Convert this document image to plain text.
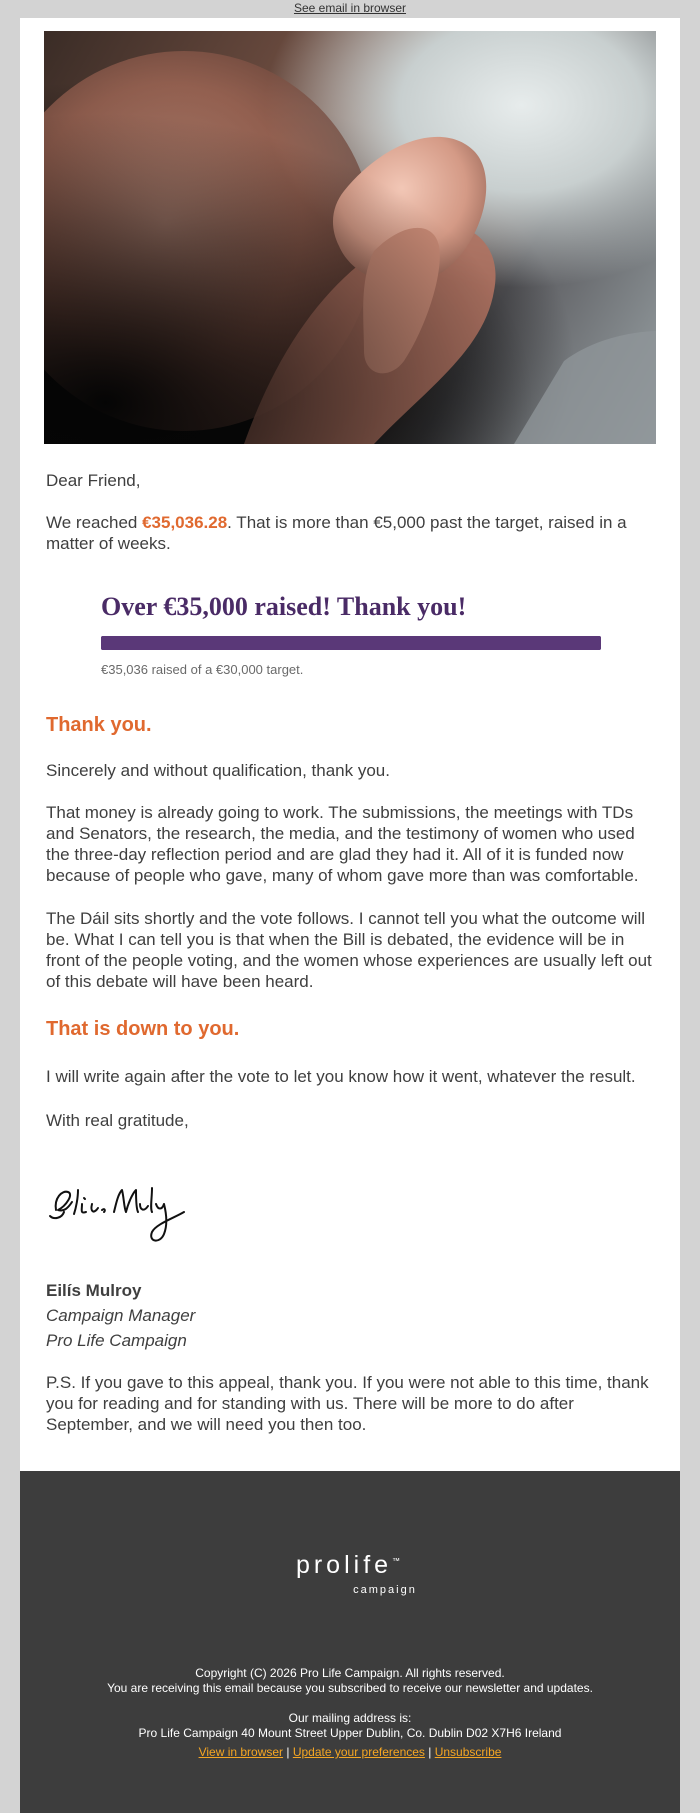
See email in browser
Dear Friend,

We reached €35,036.28. That is more than €5,000 past the target, raised in a matter of weeks.

Over €35,000 raised! Thank you!
€35,036 raised of a €30,000 target.
Thank you.
Sincerely and without qualification, thank you.
That money is already going to work. The submissions, the meetings with TDs and Senators, the research, the media, and the testimony of women who used the three-day reflection period and are glad they had it. All of it is funded now because of people who gave, many of whom gave more than was comfortable.
The Dáil sits shortly and the vote follows. I cannot tell you what the outcome will be. What I can tell you is that when the Bill is debated, the evidence will be in front of the people voting, and the women whose experiences are usually left out of this debate will have been heard.
That is down to you.
I will write again after the vote to let you know how it went, whatever the result.
With real gratitude,
Eilís Mulroy
Campaign Manager
Pro Life Campaign
P.S. If you gave to this appeal, thank you. If you were not able to this time, thank you for reading and for standing with us. There will be more to do after September, and we will need you then too.
prolife™
campaign
Copyright (C) 2026 Pro Life Campaign. All rights reserved.
You are receiving this email because you subscribed to receive our newsletter and updates.
Our mailing address is:
Pro Life Campaign 40 Mount Street Upper Dublin, Co. Dublin D02 X7H6 Ireland
View in browser | Update your preferences | Unsubscribe
